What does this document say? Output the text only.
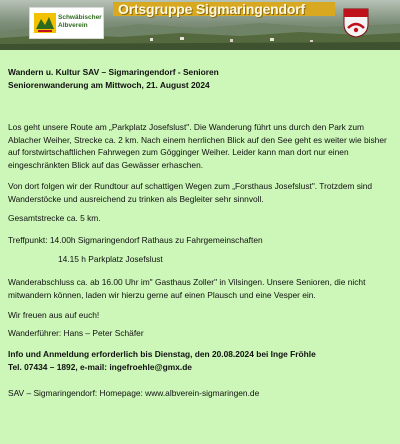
Schwäbischer
Albverein
Ortsgruppe Sigmaringendorf
Wandern u. Kultur SAV – Sigmaringendorf - Senioren
Seniorenwanderung am Mittwoch, 21. August 2024
Los geht unsere Route am „Parkplatz Josefslust". Die Wanderung führt uns durch den Park zum Ablacher Weiher, Strecke ca. 2 km. Nach einem herrlichen Blick auf den See geht es weiter wie bisher auf forstwirtschaftlichen Fahrwegen zum Gögginger Weiher. Leider kann man dort nur einen eingeschränkten Blick auf das Gewässer erhaschen.
Von dort folgen wir der Rundtour auf schattigen Wegen zum „Forsthaus Josefslust". Trotzdem sind Wanderstöcke und ausreichend zu trinken als Begleiter sehr sinnvoll.
Gesamtstrecke ca. 5 km.
Treffpunkt: 14.00h Sigmaringendorf Rathaus zu Fahrgemeinschaften
14.15 h Parkplatz Josefslust
Wanderabschluss ca. ab 16.00 Uhr im" Gasthaus Zoller" in Vilsingen. Unsere Senioren, die nicht mitwandern können, laden wir hierzu gerne auf einen Plausch und eine Vesper ein.
Wir freuen aus auf euch!
Wanderführer: Hans – Peter Schäfer
Info und Anmeldung erforderlich bis Dienstag, den 20.08.2024 bei Inge Fröhle
Tel. 07434 – 1892, e-mail: ingefroehle@gmx.de
SAV – Sigmaringendorf: Homepage: www.albverein-sigmaringen.de
